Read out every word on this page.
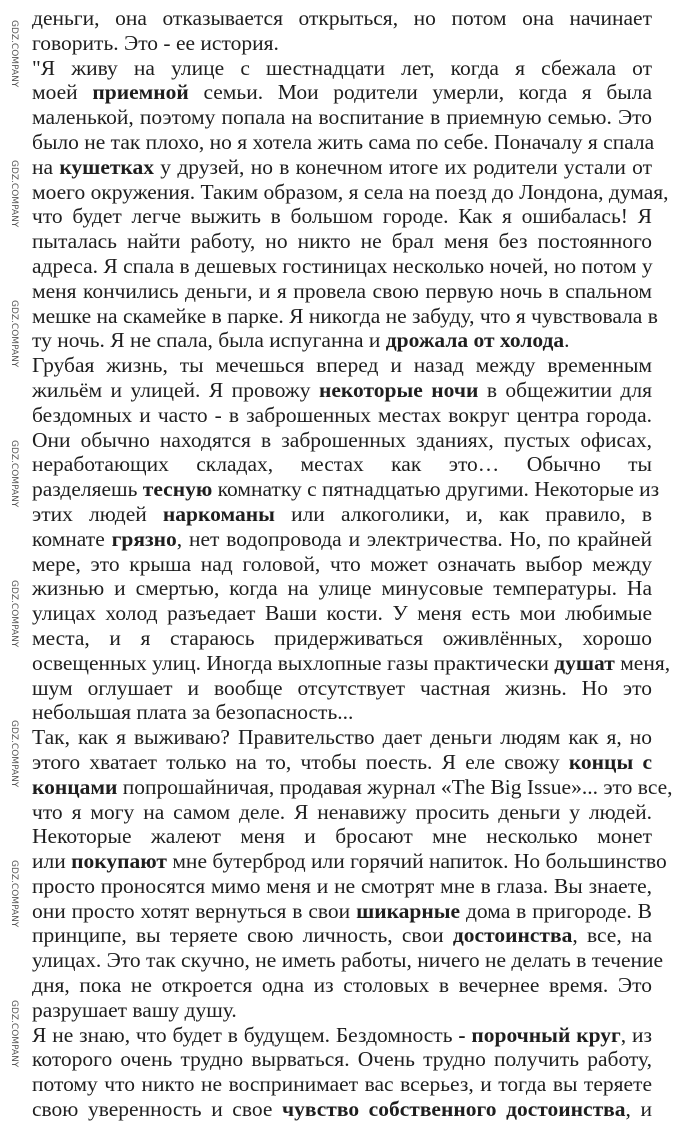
деньги, она отказывается открыться, но потом она начинает
говорить. Это - ее история.
"Я живу на улице с шестнадцати лет, когда я сбежала от
моей приемной семьи. Мои родители умерли, когда я была
маленькой, поэтому попала на воспитание в приемную семью. Это
было не так плохо, но я хотела жить сама по себе. Поначалу я спала
на кушетках у друзей, но в конечном итоге их родители устали от
моего окружения. Таким образом, я села на поезд до Лондона, думая,
что будет легче выжить в большом городе. Как я ошибалась! Я
пыталась найти работу, но никто не брал меня без постоянного
адреса. Я спала в дешевых гостиницах несколько ночей, но потом у
меня кончились деньги, и я провела свою первую ночь в спальном
мешке на скамейке в парке. Я никогда не забуду, что я чувствовала в
ту ночь. Я не спала, была испуганна и дрожала от холода.
Грубая жизнь, ты мечешься вперед и назад между временным
жильём и улицей. Я провожу некоторые ночи в общежитии для
бездомных и часто - в заброшенных местах вокруг центра города.
Они обычно находятся в заброшенных зданиях, пустых офисах,
неработающих складах, местах как это… Обычно ты
разделяешь тесную комнатку с пятнадцатью другими. Некоторые из
этих людей наркоманы или алкоголики, и, как правило, в
комнате грязно, нет водопровода и электричества. Но, по крайней
мере, это крыша над головой, что может означать выбор между
жизнью и смертью, когда на улице минусовые температуры. На
улицах холод разъедает Ваши кости. У меня есть мои любимые
места, и я стараюсь придерживаться оживлённых, хорошо
освещенных улиц. Иногда выхлопные газы практически душат меня,
шум оглушает и вообще отсутствует частная жизнь. Но это
небольшая плата за безопасность...
Так, как я выживаю? Правительство дает деньги людям как я, но
этого хватает только на то, чтобы поесть. Я еле свожу концы с
концами попрошайничая, продавая журнал «The Big Issue»... это все,
что я могу на самом деле. Я ненавижу просить деньги у людей.
Некоторые жалеют меня и бросают мне несколько монет
или покупают мне бутерброд или горячий напиток. Но большинство
просто проносятся мимо меня и не смотрят мне в глаза. Вы знаете,
они просто хотят вернуться в свои шикарные дома в пригороде. В
принципе, вы теряете свою личность, свои достоинства, все, на
улицах. Это так скучно, не иметь работы, ничего не делать в течение
дня, пока не откроется одна из столовых в вечернее время. Это
разрушает вашу душу.
Я не знаю, что будет в будущем. Бездомность - порочный круг, из
которого очень трудно вырваться. Очень трудно получить работу,
потому что никто не воспринимает вас всерьез, и тогда вы теряете
свою уверенность и свое чувство собственного достоинства, и
GDZ.COMPANY
GDZ.COMPANY
GDZ.COMPANY
GDZ.COMPANY
GDZ.COMPANY
GDZ.COMPANY
GDZ.COMPANY
GDZ.COMPANY
